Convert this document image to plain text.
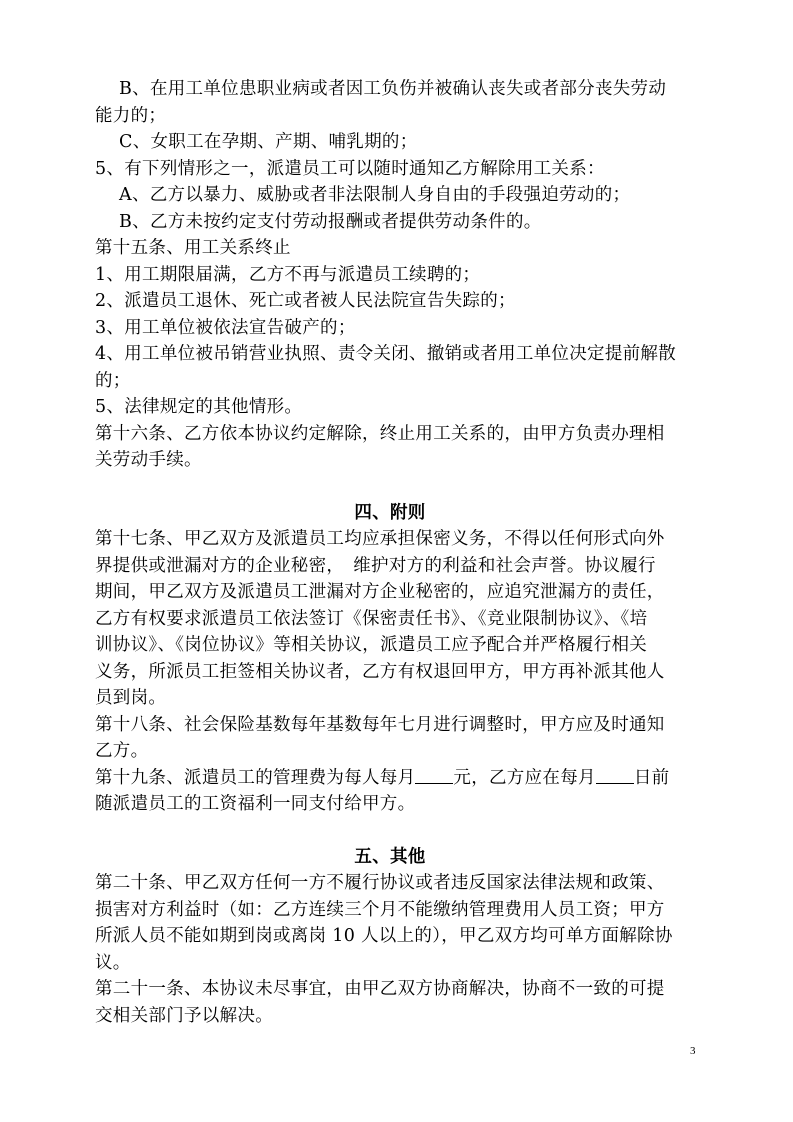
B、在用工单位患职业病或者因工负伤并被确认丧失或者部分丧失劳动
能力的；
C、女职工在孕期、产期、哺乳期的；
5、有下列情形之一，派遣员工可以随时通知乙方解除用工关系：
A、乙方以暴力、威胁或者非法限制人身自由的手段强迫劳动的；
B、乙方未按约定支付劳动报酬或者提供劳动条件的。
第十五条、用工关系终止
1、用工期限届满，乙方不再与派遣员工续聘的；
2、派遣员工退休、死亡或者被人民法院宣告失踪的；
3、用工单位被依法宣告破产的；
4、用工单位被吊销营业执照、责令关闭、撤销或者用工单位决定提前解散
的；
5、法律规定的其他情形。
第十六条、乙方依本协议约定解除，终止用工关系的，由甲方负责办理相
关劳动手续。
四、附则
第十七条、甲乙双方及派遣员工均应承担保密义务，不得以任何形式向外
界提供或泄漏对方的企业秘密，　维护对方的利益和社会声誉。协议履行
期间，甲乙双方及派遣员工泄漏对方企业秘密的，应追究泄漏方的责任，
乙方有权要求派遣员工依法签订《保密责任书》、《竞业限制协议》、《培
训协议》、《岗位协议》等相关协议，派遣员工应予配合并严格履行相关
义务，所派员工拒签相关协议者，乙方有权退回甲方，甲方再补派其他人
员到岗。
第十八条、社会保险基数每年基数每年七月进行调整时，甲方应及时通知
乙方。
第十九条、派遣员工的管理费为每人每月 元，乙方应在每月 日前
随派遣员工的工资福利一同支付给甲方。
五、其他
第二十条、甲乙双方任何一方不履行协议或者违反国家法律法规和政策、
损害对方利益时（如：乙方连续三个月不能缴纳管理费用人员工资；甲方
所派人员不能如期到岗或离岗 10 人以上的），甲乙双方均可单方面解除协
议。
第二十一条、本协议未尽事宜，由甲乙双方协商解决，协商不一致的可提
交相关部门予以解决。
3
